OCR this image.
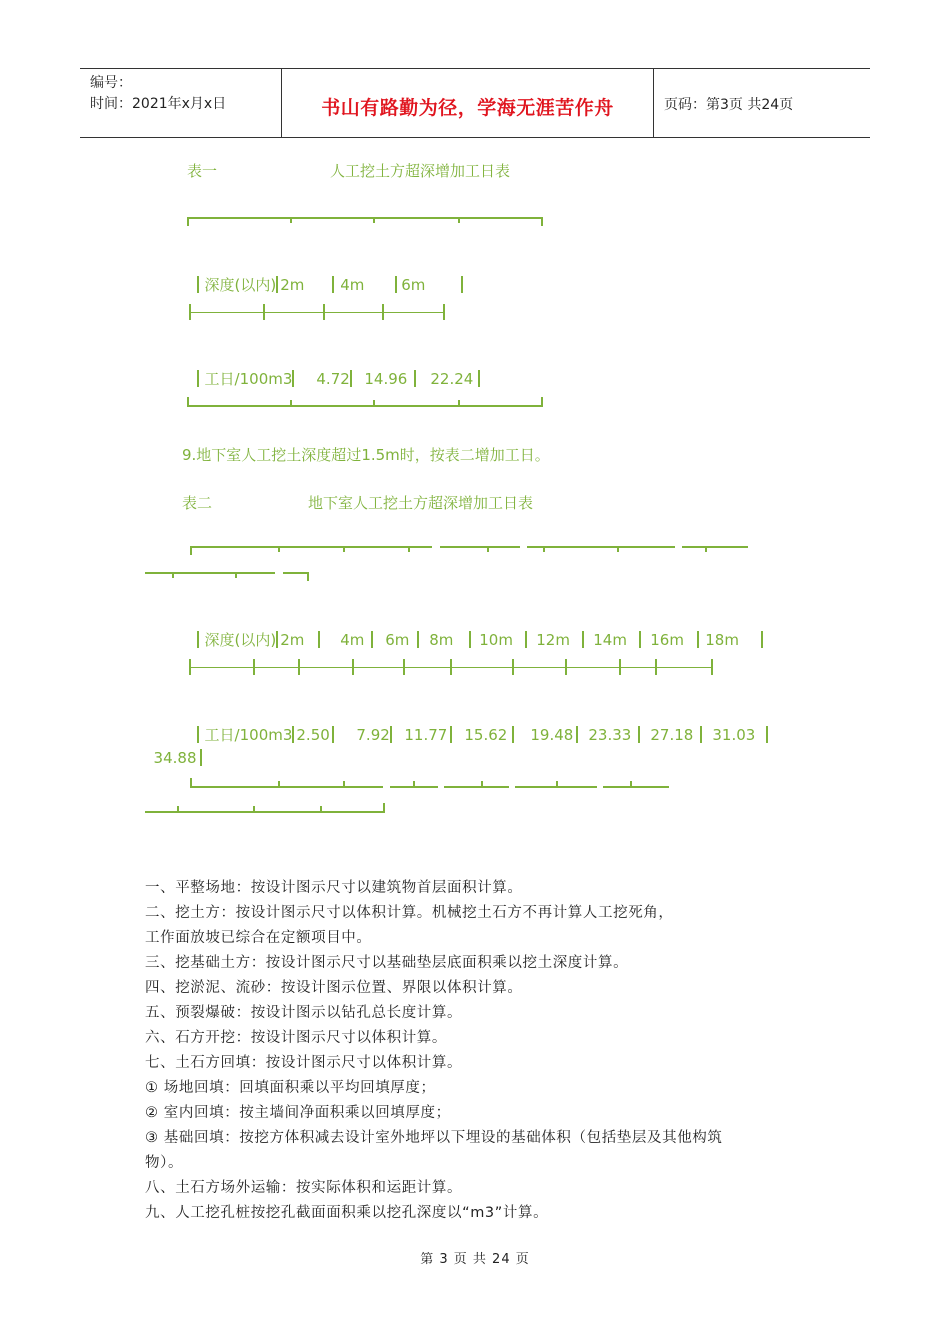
编号：
时间：2021年x月x日	书山有路勤为径，学海无涯苦作舟	页码：第3页 共24页
表一	人工挖土方超深增加工日表

深度(以内) 2m 4m 6m

工日/100m3 4.72 14.96 22.24

9.地下室人工挖土深度超过1.5m时，按表二增加工日。
表二	地下室人工挖土方超深增加工日表

深度(以内) 2m 4m 6m 8m 10m 12m 14m 16m 18m

工日/100m3 2.50 7.92 11.77 15.62 19.48 23.33 27.18 31.03

34.88

一、平整场地：按设计图示尺寸以建筑物首层面积计算。
二、挖土方：按设计图示尺寸以体积计算。机械挖土石方不再计算人工挖死角，
工作面放坡已综合在定额项目中。
三、挖基础土方：按设计图示尺寸以基础垫层底面积乘以挖土深度计算。
四、挖淤泥、流砂：按设计图示位置、界限以体积计算。
五、预裂爆破：按设计图示以钻孔总长度计算。
六、石方开挖：按设计图示尺寸以体积计算。
七、土石方回填：按设计图示尺寸以体积计算。
① 场地回填：回填面积乘以平均回填厚度；
② 室内回填：按主墙间净面积乘以回填厚度；
③ 基础回填：按挖方体积减去设计室外地坪以下埋设的基础体积（包括垫层及其他构筑
物）。
八、土石方场外运输：按实际体积和运距计算。
九、人工挖孔桩按挖孔截面面积乘以挖孔深度以“m3”计算。
第 3 页 共 24 页
